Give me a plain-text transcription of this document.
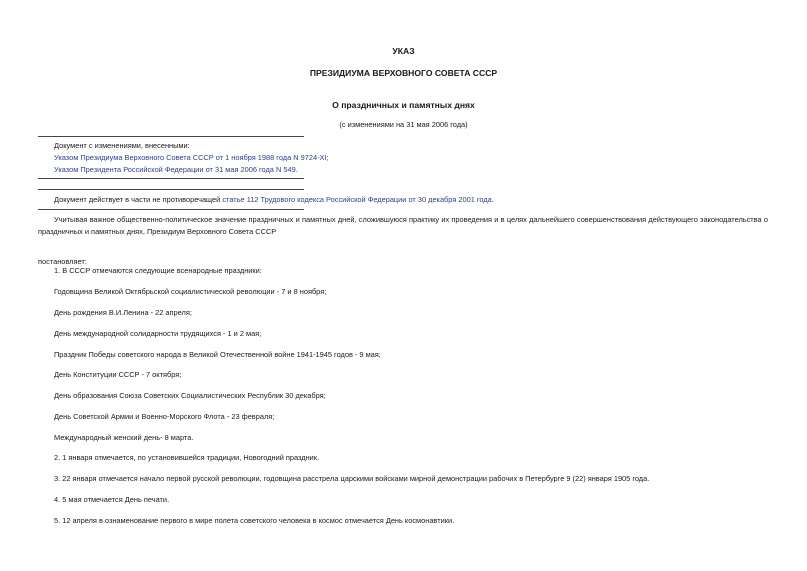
УКАЗ
ПРЕЗИДИУМА ВЕРХОВНОГО СОВЕТА СССР
О праздничных и памятных днях
(с изменениями на 31 мая 2006 года)
Документ с изменениями, внесенными:
Указом Президиума Верховного Совета СССР от 1 ноября 1988 года N 9724-XI;
Указом Президента Российской Федерации от 31 мая 2006 года N 549.
Документ действует в части не противоречащей статье 112 Трудового кодекса Российской Федерации от 30 декабря 2001 года.
Учитывая важное общественно-политическое значение праздничных и памятных дней, сложившуюся практику их проведения и в целях дальнейшего совершенствования действующего законодательства о праздничных и памятных днях, Президиум Верховного Совета СССР
постановляет:
1. В СССР отмечаются следующие всенародные праздники:
Годовщина Великой Октябрьской социалистической революции - 7 и 8 ноября;
День рождения В.И.Ленина - 22 апреля;
День международной солидарности трудящихся - 1 и 2 мая;
Праздник Победы советского народа в Великой Отечественной войне 1941-1945 годов - 9 мая;
День Конституции СССР - 7 октября;
День образования Союза Советских Социалистических Республик 30 декабря;
День Советской Армии и Военно-Морского Флота - 23 февраля;
Международный женский день- 8 марта.
2. 1 января отмечается, по установившейся традиции, Новогодний праздник.
3. 22 января отмечается начало первой русской революции, годовщина расстрела царскими войсками мирной демонстрации рабочих в Петербурге 9 (22) января 1905 года.
4. 5 мая отмечается День печати.
5. 12 апреля в ознаменование первого в мире полета советского человека в космос отмечается День космонавтики.
